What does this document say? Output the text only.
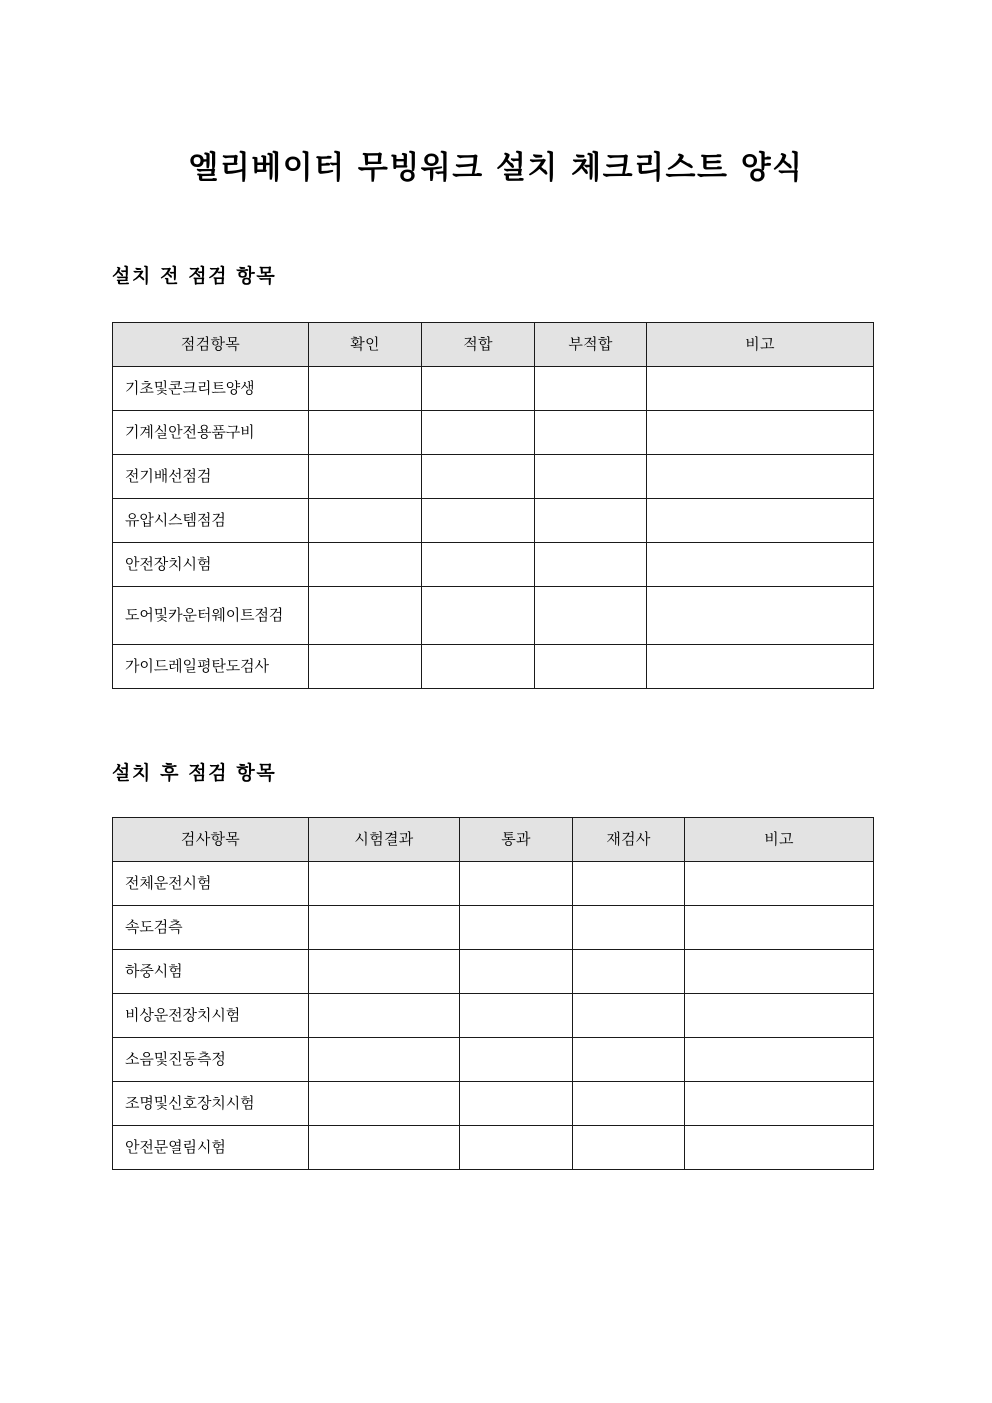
엘리베이터 무빙워크 설치 체크리스트 양식
설치 전 점검 항목
점검항목	확인	적합	부적합	비고
기초및콘크리트양생				
기계실안전용품구비				
전기배선점검				
유압시스템점검				
안전장치시험				
도어및카운터웨이트점검				
가이드레일평탄도검사				
설치 후 점검 항목
검사항목	시험결과	통과	재검사	비고
전체운전시험				
속도검측				
하중시험				
비상운전장치시험				
소음및진동측정				
조명및신호장치시험				
안전문열림시험				
